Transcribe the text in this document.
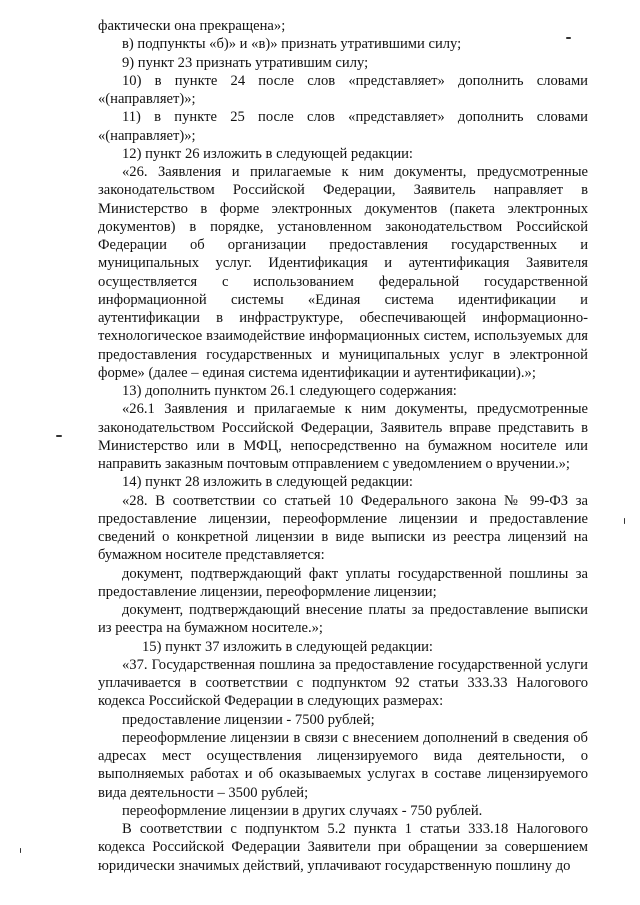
фактически она прекращена»;

в) подпункты «б)» и «в)» признать утратившими силу;

9) пункт 23 признать утратившим силу;

10) в пункте 24 после слов «представляет» дополнить словами «(направляет)»;

11) в пункте 25 после слов «представляет» дополнить словами «(направляет)»;

12) пункт 26 изложить в следующей редакции:

«26. Заявления и прилагаемые к ним документы, предусмотренные законодательством Российской Федерации, Заявитель направляет в Министерство в форме электронных документов (пакета электронных документов) в порядке, установленном законодательством Российской Федерации об организации предоставления государственных и муниципальных услуг. Идентификация и аутентификация Заявителя осуществляется с использованием федеральной государственной информационной системы «Единая система идентификации и аутентификации в инфраструктуре, обеспечивающей информационно-технологическое взаимодействие информационных систем, используемых для предоставления государственных и муниципальных услуг в электронной форме» (далее – единая система идентификации и аутентификации).»;

13) дополнить пунктом 26.1 следующего содержания:

«26.1 Заявления и прилагаемые к ним документы, предусмотренные законодательством Российской Федерации, Заявитель вправе представить в Министерство или в МФЦ, непосредственно на бумажном носителе или направить заказным почтовым отправлением с уведомлением о вручении.»;

14) пункт 28 изложить в следующей редакции:

«28. В соответствии со статьей 10 Федерального закона № 99-ФЗ за предоставление лицензии, переоформление лицензии и предоставление сведений о конкретной лицензии в виде выписки из реестра лицензий на бумажном носителе представляется:

документ, подтверждающий факт уплаты государственной пошлины за предоставление лицензии, переоформление лицензии;

документ, подтверждающий внесение платы за предоставление выписки из реестра на бумажном носителе.»;

15) пункт 37 изложить в следующей редакции:

«37. Государственная пошлина за предоставление государственной услуги уплачивается в соответствии с подпунктом 92 статьи 333.33 Налогового кодекса Российской Федерации в следующих размерах:

предоставление лицензии - 7500 рублей;

переоформление лицензии в связи с внесением дополнений в сведения об адресах мест осуществления лицензируемого вида деятельности, о выполняемых работах и об оказываемых услугах в составе лицензируемого вида деятельности – 3500 рублей;

переоформление лицензии в других случаях - 750 рублей.

В соответствии с подпунктом 5.2 пункта 1 статьи 333.18 Налогового кодекса Российской Федерации Заявители при обращении за совершением юридически значимых действий, уплачивают государственную пошлину до
